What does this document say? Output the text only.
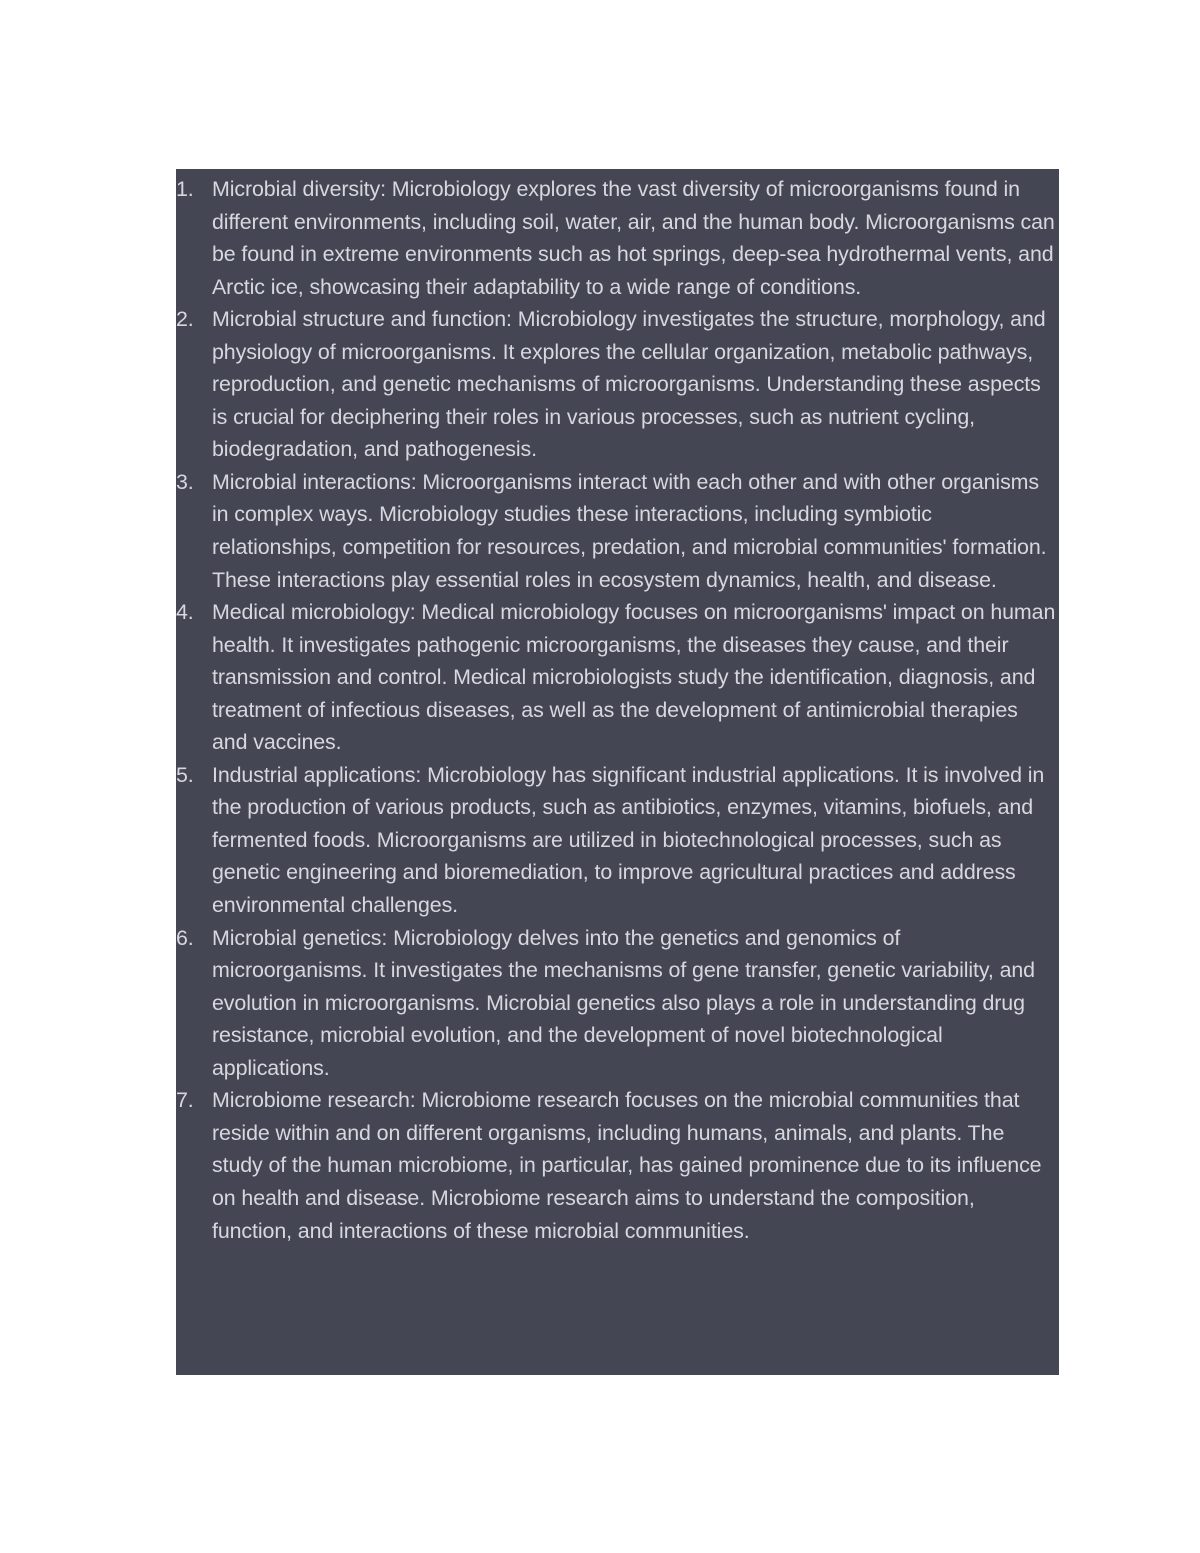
1. Microbial diversity: Microbiology explores the vast diversity of microorganisms found in different environments, including soil, water, air, and the human body. Microorganisms can be found in extreme environments such as hot springs, deep-sea hydrothermal vents, and Arctic ice, showcasing their adaptability to a wide range of conditions.
2. Microbial structure and function: Microbiology investigates the structure, morphology, and physiology of microorganisms. It explores the cellular organization, metabolic pathways, reproduction, and genetic mechanisms of microorganisms. Understanding these aspects is crucial for deciphering their roles in various processes, such as nutrient cycling, biodegradation, and pathogenesis.
3. Microbial interactions: Microorganisms interact with each other and with other organisms in complex ways. Microbiology studies these interactions, including symbiotic relationships, competition for resources, predation, and microbial communities' formation. These interactions play essential roles in ecosystem dynamics, health, and disease.
4. Medical microbiology: Medical microbiology focuses on microorganisms' impact on human health. It investigates pathogenic microorganisms, the diseases they cause, and their transmission and control. Medical microbiologists study the identification, diagnosis, and treatment of infectious diseases, as well as the development of antimicrobial therapies and vaccines.
5. Industrial applications: Microbiology has significant industrial applications. It is involved in the production of various products, such as antibiotics, enzymes, vitamins, biofuels, and fermented foods. Microorganisms are utilized in biotechnological processes, such as genetic engineering and bioremediation, to improve agricultural practices and address environmental challenges.
6. Microbial genetics: Microbiology delves into the genetics and genomics of microorganisms. It investigates the mechanisms of gene transfer, genetic variability, and evolution in microorganisms. Microbial genetics also plays a role in understanding drug resistance, microbial evolution, and the development of novel biotechnological applications.
7. Microbiome research: Microbiome research focuses on the microbial communities that reside within and on different organisms, including humans, animals, and plants. The study of the human microbiome, in particular, has gained prominence due to its influence on health and disease. Microbiome research aims to understand the composition, function, and interactions of these microbial communities.
